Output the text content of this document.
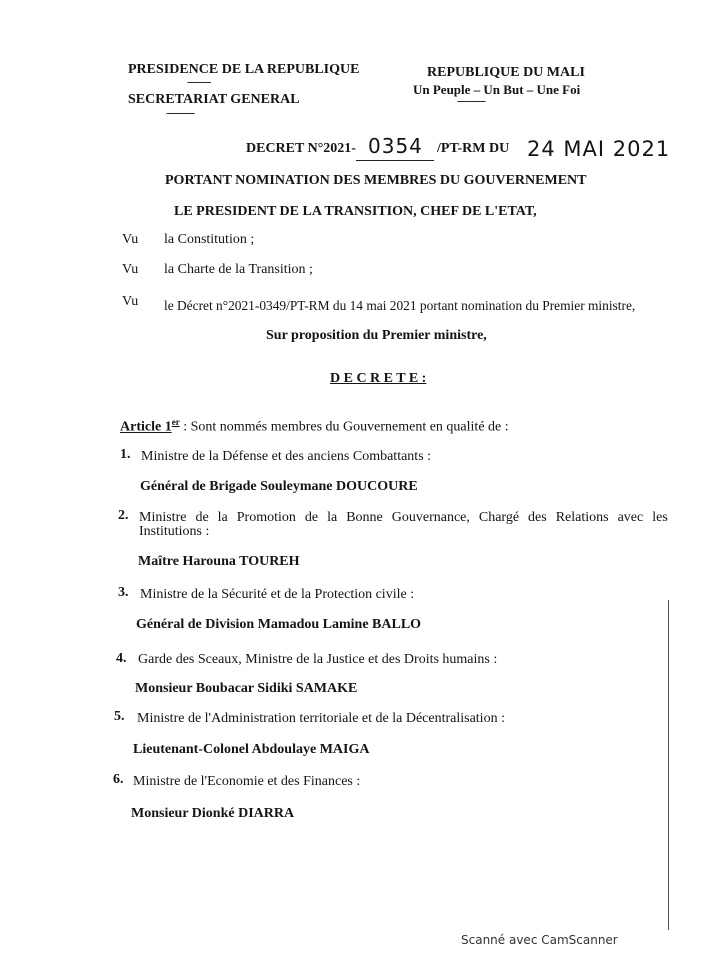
PRESIDENCE DE LA REPUBLIQUE
----------
SECRETARIAT GENERAL
------------
REPUBLIQUE DU MALI
Un Peuple – Un But – Une Foi
------------
DECRET N°2021- 0354 /PT-RM DU 24 MAI 2021
PORTANT NOMINATION DES MEMBRES DU GOUVERNEMENT
LE PRESIDENT DE LA TRANSITION, CHEF DE L'ETAT,
Vu la Constitution ;
Vu la Charte de la Transition ;
Vu le Décret n°2021-0349/PT-RM du 14 mai 2021 portant nomination du Premier ministre,
Sur proposition du Premier ministre,
D E C R E T E :
Article 1er : Sont nommés membres du Gouvernement en qualité de :
1. Ministre de la Défense et des anciens Combattants :
Général de Brigade Souleymane DOUCOURE
2. Ministre de la Promotion de la Bonne Gouvernance, Chargé des Relations avec les
Institutions :
Maître Harouna TOUREH
3. Ministre de la Sécurité et de la Protection civile :
Général de Division Mamadou Lamine BALLO
4. Garde des Sceaux, Ministre de la Justice et des Droits humains :
Monsieur Boubacar Sidiki SAMAKE
5. Ministre de l'Administration territoriale et de la Décentralisation :
Lieutenant-Colonel Abdoulaye MAIGA
6. Ministre de l'Economie et des Finances :
Monsieur Dionké DIARRA
Scanné avec CamScanner
